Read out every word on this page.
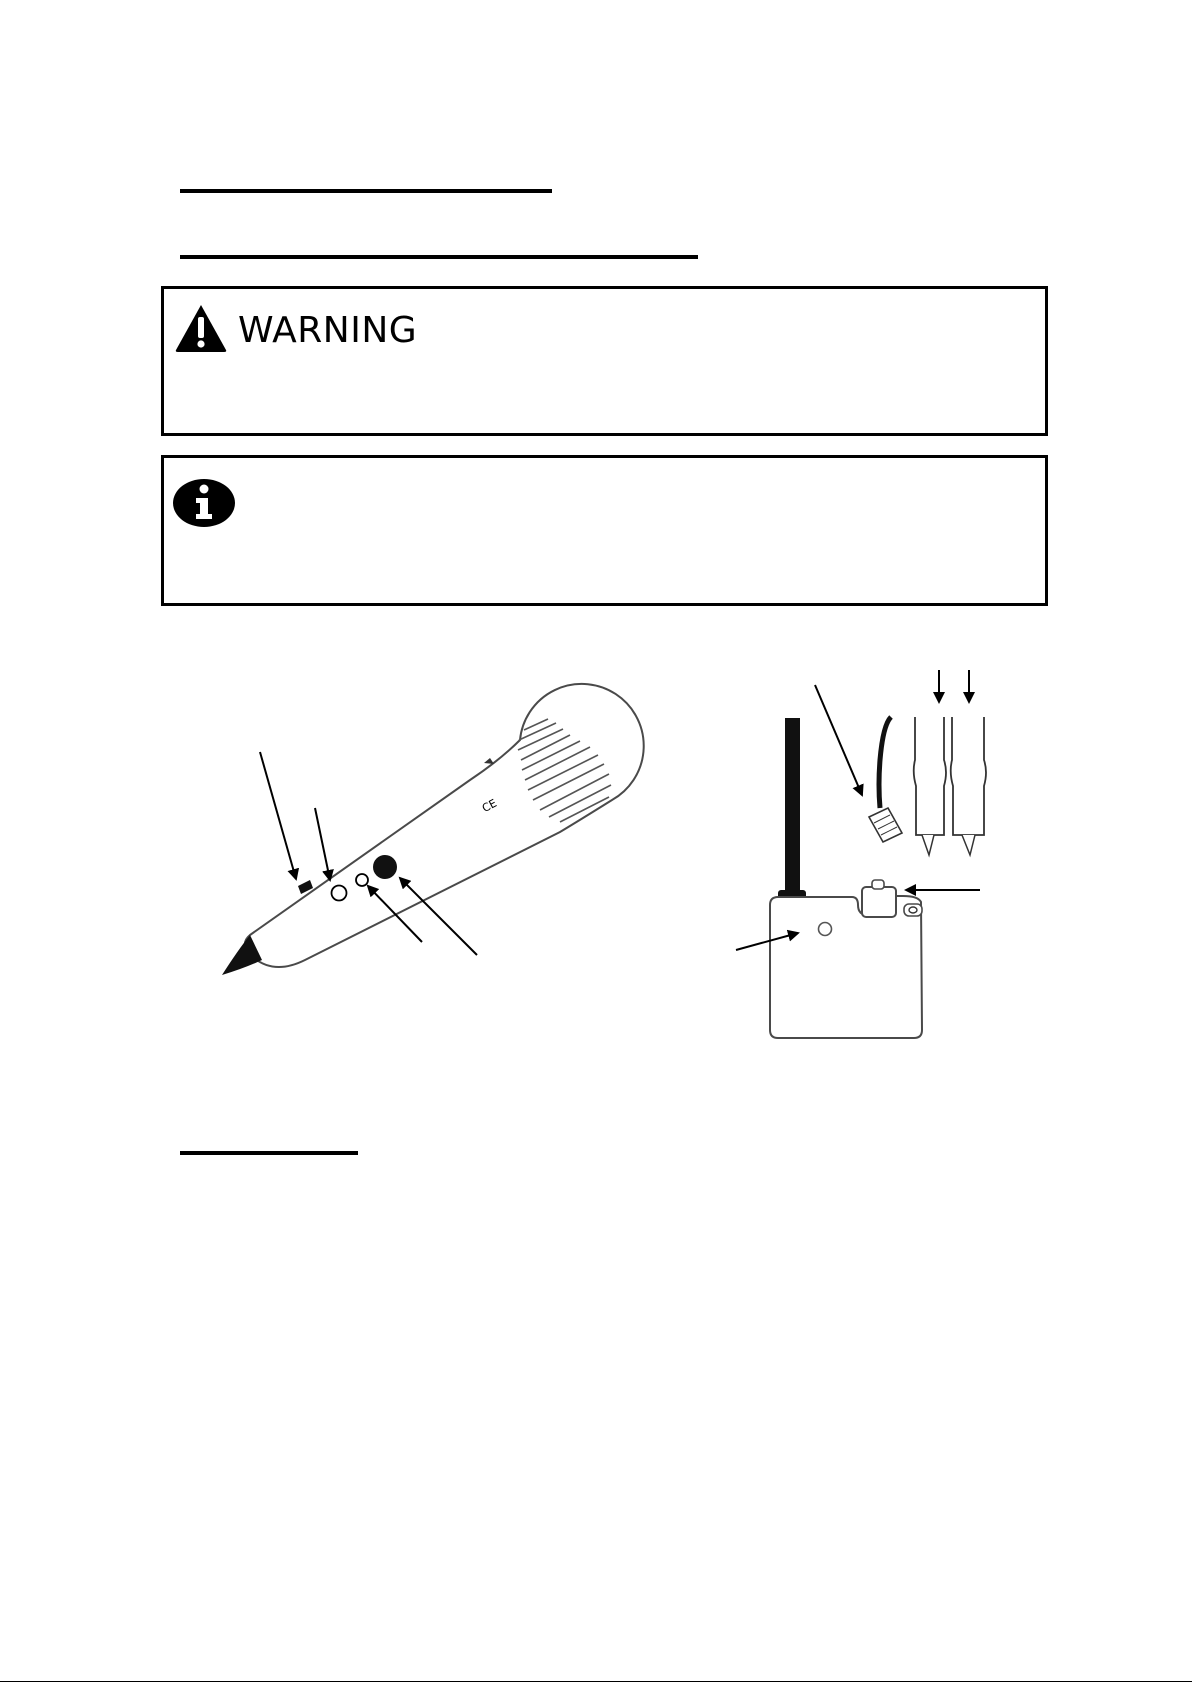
WARNING
CE
